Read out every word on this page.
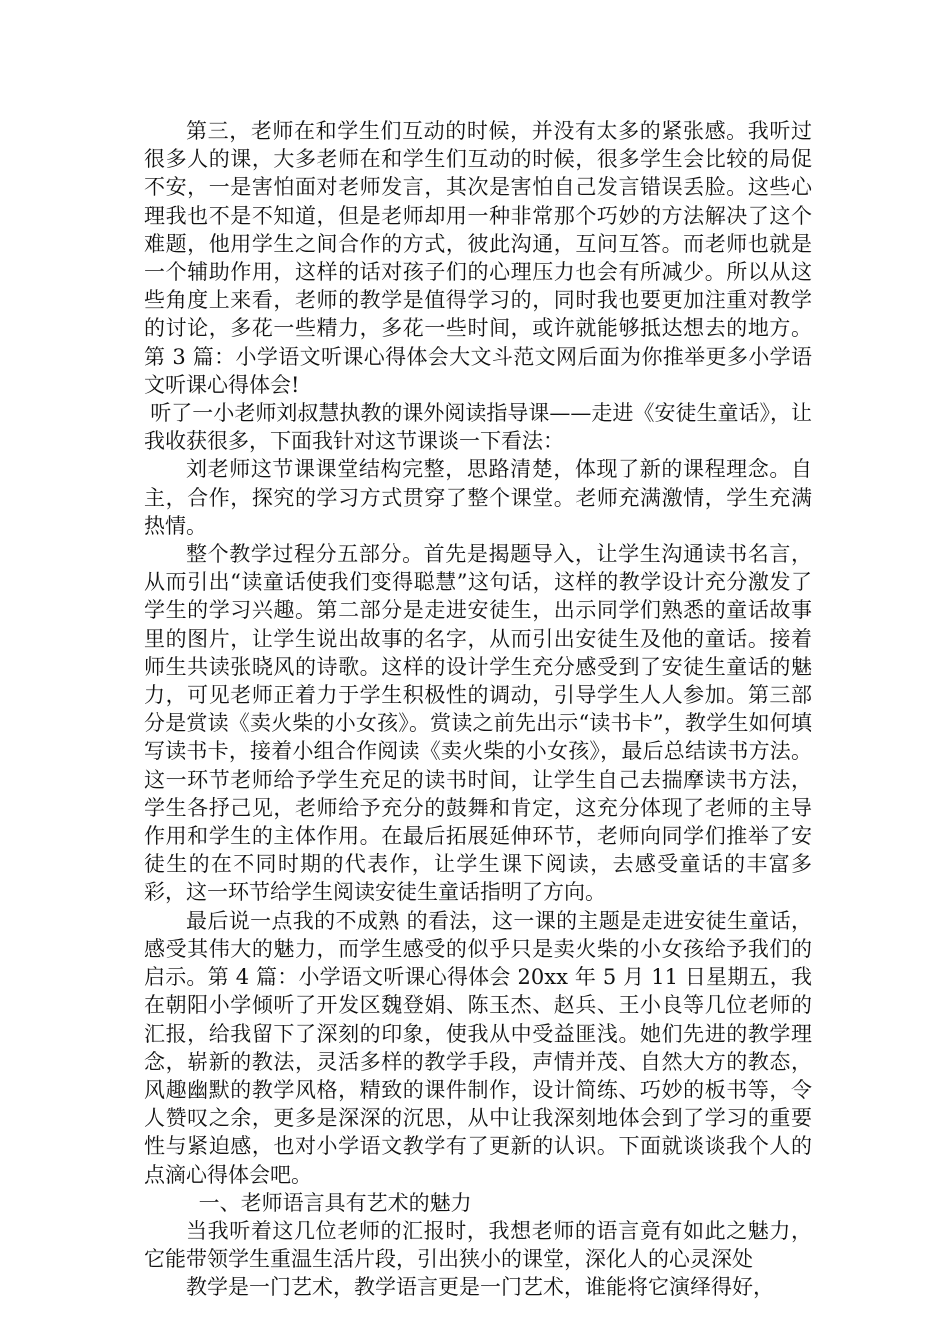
第三，老师在和学生们互动的时候，并没有太多的紧张感。我听过很多人的课，大多老师在和学生们互动的时候，很多学生会比较的局促不安，一是害怕面对老师发言，其次是害怕自己发言错误丢脸。这些心理我也不是不知道，但是老师却用一种非常那个巧妙的方法解决了这个难题，他用学生之间合作的方式，彼此沟通，互问互答。而老师也就是一个辅助作用，这样的话对孩子们的心理压力也会有所减少。所以从这些角度上来看，老师的教学是值得学习的，同时我也要更加注重对教学的讨论，多花一些精力，多花一些时间，或许就能够抵达想去的地方。第 3 篇：小学语文听课心得体会大文斗范文网后面为你推举更多小学语文听课心得体会!

听了一小老师刘叔慧执教的课外阅读指导课——走进《安徒生童话》，让我收获很多，下面我针对这节课谈一下看法：

刘老师这节课课堂结构完整，思路清楚，体现了新的课程理念。自主，合作，探究的学习方式贯穿了整个课堂。老师充满激情，学生充满热情。

整个教学过程分五部分。首先是揭题导入，让学生沟通读书名言，从而引出“读童话使我们变得聪慧”这句话，这样的教学设计充分激发了学生的学习兴趣。第二部分是走进安徒生，出示同学们熟悉的童话故事里的图片，让学生说出故事的名字，从而引出安徒生及他的童话。接着师生共读张晓风的诗歌。这样的设计学生充分感受到了安徒生童话的魅力，可见老师正着力于学生积极性的调动，引导学生人人参加。第三部分是赏读《卖火柴的小女孩》。赏读之前先出示“读书卡”，教学生如何填写读书卡，接着小组合作阅读《卖火柴的小女孩》，最后总结读书方法。这一环节老师给予学生充足的读书时间，让学生自己去揣摩读书方法，学生各抒己见，老师给予充分的鼓舞和肯定，这充分体现了老师的主导作用和学生的主体作用。在最后拓展延伸环节，老师向同学们推举了安徒生的在不同时期的代表作，让学生课下阅读，去感受童话的丰富多彩，这一环节给学生阅读安徒生童话指明了方向。

最后说一点我的不成熟 的看法，这一课的主题是走进安徒生童话，感受其伟大的魅力，而学生感受的似乎只是卖火柴的小女孩给予我们的启示。第 4 篇：小学语文听课心得体会 20xx 年 5 月 11 日星期五，我在朝阳小学倾听了开发区魏登娟、陈玉杰、赵兵、王小良等几位老师的汇报，给我留下了深刻的印象，使我从中受益匪浅。她们先进的教学理念，崭新的教法，灵活多样的教学手段，声情并茂、自然大方的教态，风趣幽默的教学风格，精致的课件制作，设计简练、巧妙的板书等，令人赞叹之余，更多是深深的沉思，从中让我深刻地体会到了学习的重要性与紧迫感，也对小学语文教学有了更新的认识。下面就谈谈我个人的点滴心得体会吧。

一、老师语言具有艺术的魅力

当我听着这几位老师的汇报时，我想老师的语言竟有如此之魅力，它能带领学生重温生活片段，引出狭小的课堂，深化人的心灵深处

教学是一门艺术，教学语言更是一门艺术，谁能将它演绎得好，
